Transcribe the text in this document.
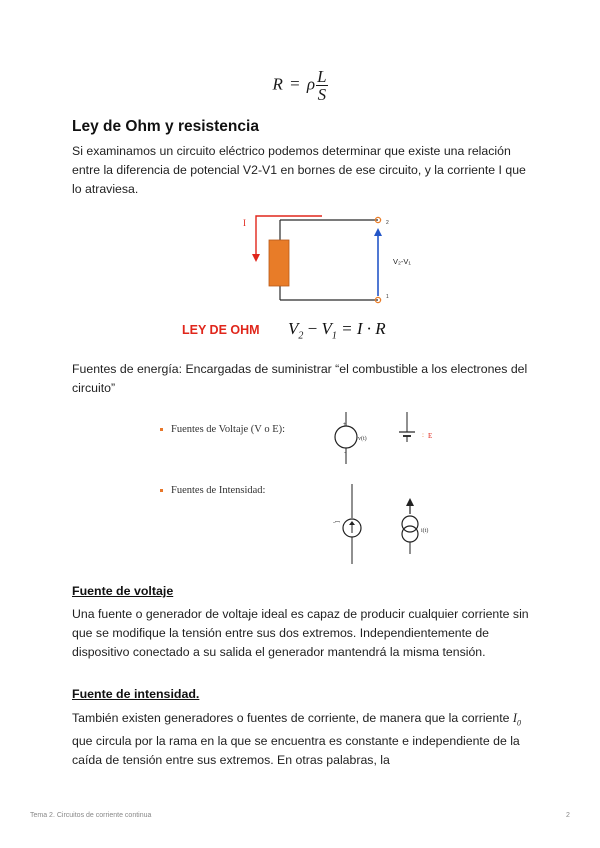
R = ρ $\frac{L}{S}$
Ley de Ohm y resistencia

Si examinamos un circuito eléctrico podemos determinar que existe una relación entre la diferencia de potencial V2-V1 en bornes de ese circuito, y la corriente I que lo atraviesa.

I	2
1
V₂-V₁
LEY DE OHM $V_2 - V_1 = I \cdot R$

Fuentes de energía: Encargadas de suministrar “el combustible a los electrones del circuito”

Fuentes de Voltaje (V o E):
Fuentes de Intensidad:
+
-
v(t)	: E
-ꟷ
i(t)
Fuente de voltaje

Una fuente o generador de voltaje ideal es capaz de producir cualquier corriente sin que se modifique la tensión entre sus dos extremos. Independientemente de dispositivo conectado a su salida el generador mantendrá la misma tensión.

Fuente de intensidad.

También existen generadores o fuentes de corriente, de manera que la corriente $I_0$ que circula por la rama en la que se encuentra es constante e independiente de la caída de tensión entre sus extremos. En otras palabras, la

Tema 2. Circuitos de corriente continua	2
